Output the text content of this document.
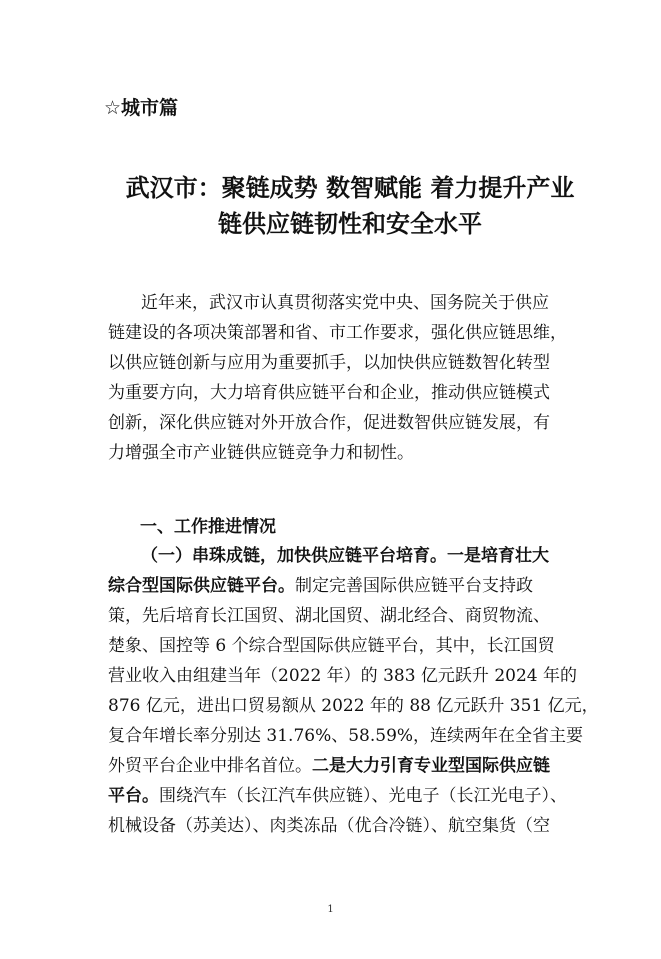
☆城市篇
武汉市：聚链成势 数智赋能 着力提升产业
链供应链韧性和安全水平
近年来，武汉市认真贯彻落实党中央、国务院关于供应
链建设的各项决策部署和省、市工作要求，强化供应链思维，
以供应链创新与应用为重要抓手，以加快供应链数智化转型
为重要方向，大力培育供应链平台和企业，推动供应链模式
创新，深化供应链对外开放合作，促进数智供应链发展，有
力增强全市产业链供应链竞争力和韧性。
一、工作推进情况
（一）串珠成链，加快供应链平台培育。一是培育壮大
综合型国际供应链平台。制定完善国际供应链平台支持政
策，先后培育长江国贸、湖北国贸、湖北经合、商贸物流、
楚象、国控等 6 个综合型国际供应链平台，其中，长江国贸
营业收入由组建当年（2022 年）的 383 亿元跃升 2024 年的
876 亿元，进出口贸易额从 2022 年的 88 亿元跃升 351 亿元，
复合年增长率分别达 31.76%、58.59%，连续两年在全省主要
外贸平台企业中排名首位。二是大力引育专业型国际供应链
平台。围绕汽车（长江汽车供应链）、光电子（长江光电子）、
机械设备（苏美达）、肉类冻品（优合冷链）、航空集货（空
1
